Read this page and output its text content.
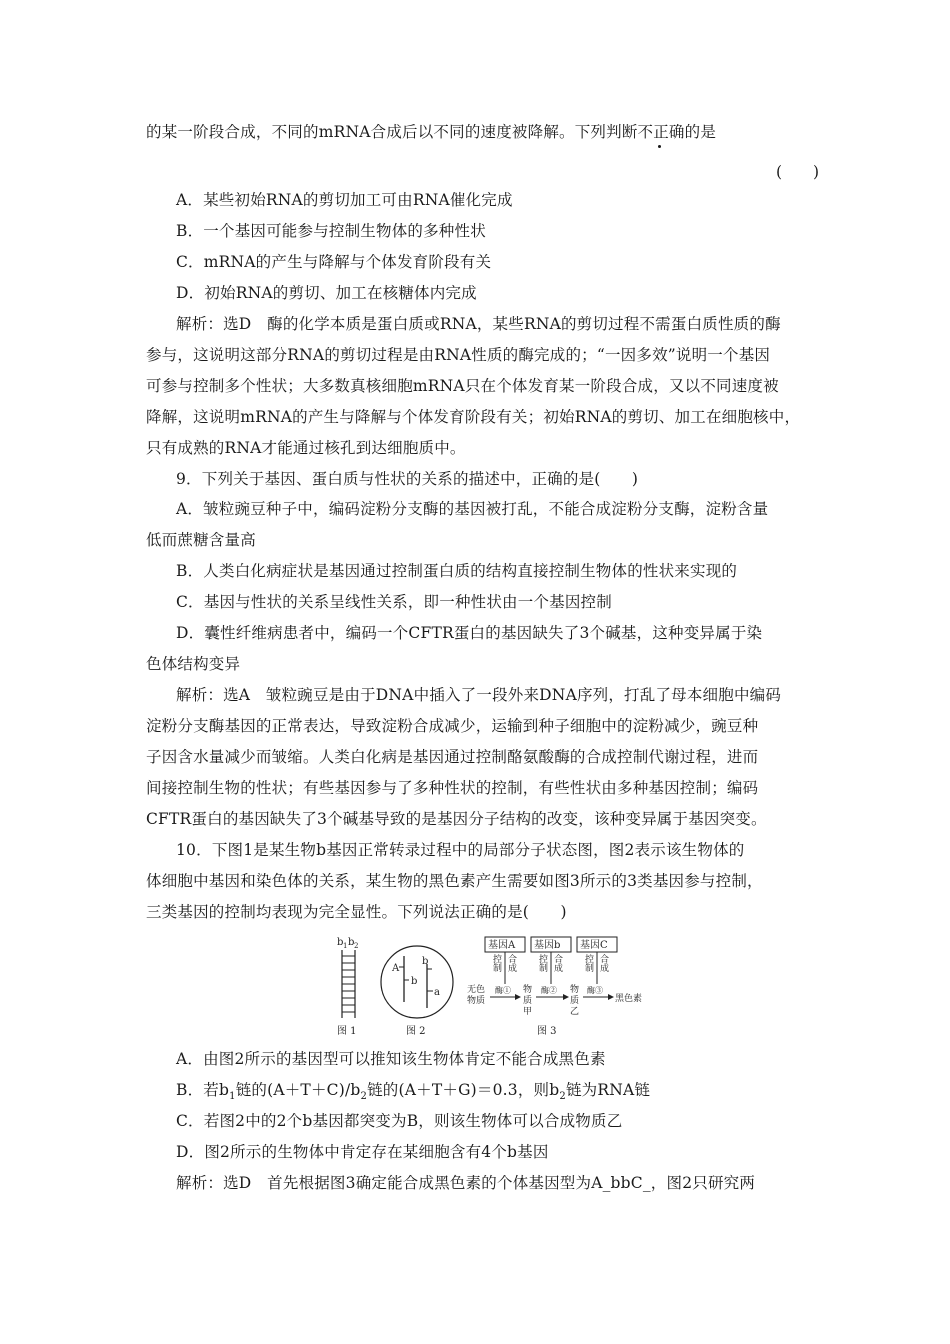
的某一阶段合成，不同的mRNA合成后以不同的速度被降解。下列判断不正确的是
(　　)
A．某些初始RNA的剪切加工可由RNA催化完成
B．一个基因可能参与控制生物体的多种性状
C．mRNA的产生与降解与个体发育阶段有关
D．初始RNA的剪切、加工在核糖体内完成
解析：选D　酶的化学本质是蛋白质或RNA，某些RNA的剪切过程不需蛋白质性质的酶
参与，这说明这部分RNA的剪切过程是由RNA性质的酶完成的；“一因多效”说明一个基因
可参与控制多个性状；大多数真核细胞mRNA只在个体发育某一阶段合成，又以不同速度被
降解，这说明mRNA的产生与降解与个体发育阶段有关；初始RNA的剪切、加工在细胞核中，
只有成熟的RNA才能通过核孔到达细胞质中。
9．下列关于基因、蛋白质与性状的关系的描述中，正确的是(　　)
A．皱粒豌豆种子中，编码淀粉分支酶的基因被打乱，不能合成淀粉分支酶，淀粉含量
低而蔗糖含量高
B．人类白化病症状是基因通过控制蛋白质的结构直接控制生物体的性状来实现的
C．基因与性状的关系呈线性关系，即一种性状由一个基因控制
D．囊性纤维病患者中，编码一个CFTR蛋白的基因缺失了3个碱基，这种变异属于染
色体结构变异
解析：选A　皱粒豌豆是由于DNA中插入了一段外来DNA序列，打乱了母本细胞中编码
淀粉分支酶基因的正常表达，导致淀粉合成减少，运输到种子细胞中的淀粉减少，豌豆种
子因含水量减少而皱缩。人类白化病是基因通过控制酪氨酸酶的合成控制代谢过程，进而
间接控制生物的性状；有些基因参与了多种性状的控制，有些性状由多种基因控制；编码
CFTR蛋白的基因缺失了3个碱基导致的是基因分子结构的改变，该种变异属于基因突变。
10．下图1是某生物b基因正常转录过程中的局部分子状态图，图2表示该生物体的
体细胞中基因和染色体的关系，某生物的黑色素产生需要如图3所示的3类基因参与控制，
三类基因的控制均表现为完全显性。下列说法正确的是(　　)
b 1 b 2
图 1
A
b
b
a
图 2
基因A 基因b 基因C
控
制
合
成
控
制
合
成
控
制
合
成
无色
物质
酶① 物
质
甲
酶② 物
质
乙
酶③
黑色素
图 3
A．由图2所示的基因型可以推知该生物体肯定不能合成黑色素
B．若$b_1$链的$(A+T+C)/b_2$链的(A＋T＋G)＝0.3，则$b_2$链为RNA链
C．若图2中的2个b基因都突变为B，则该生物体可以合成物质乙
D．图2所示的生物体中肯定存在某细胞含有4个b基因
解析：选D　首先根据图3确定能合成黑色素的个体基因型为A_bbC_，图2只研究两
